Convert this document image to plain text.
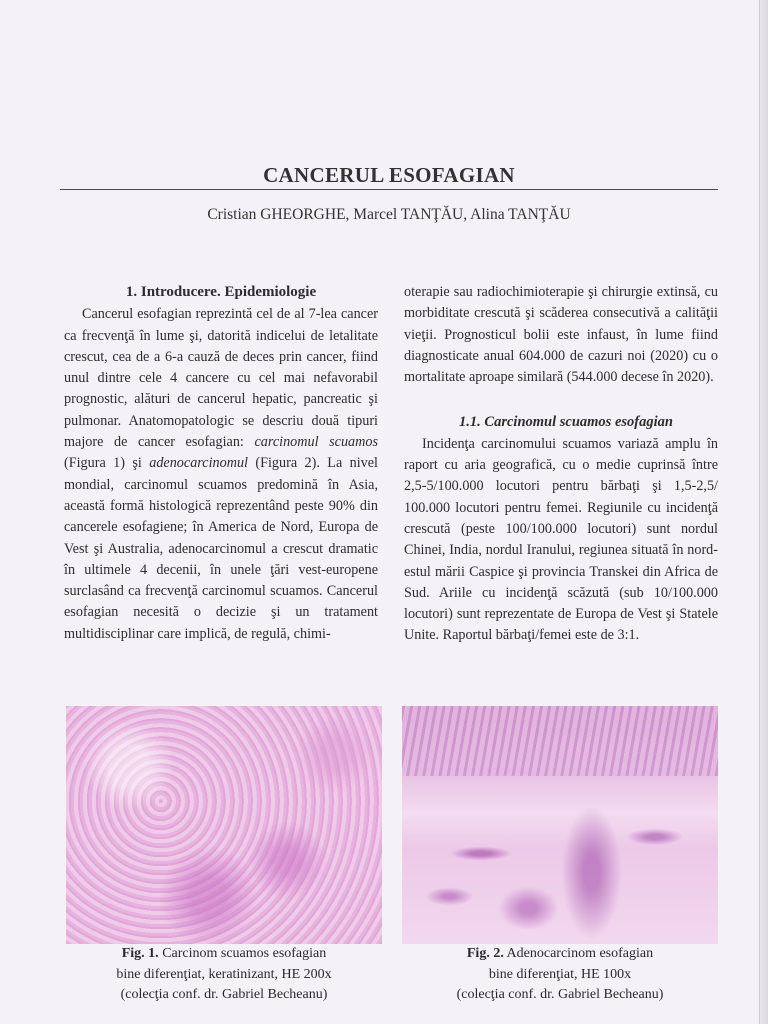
CANCERUL ESOFAGIAN
Cristian GHEORGHE, Marcel TANŢĂU, Alina TANŢĂU
1. Introducere. Epidemiologie

Cancerul esofagian reprezintă cel de al 7-lea cancer ca frecvenţă în lume şi, datorită indicelui de letalitate crescut, cea de a 6-a cauză de deces prin cancer, fiind unul dintre cele 4 cancere cu cel mai nefavorabil prognostic, alături de cancerul hepatic, pancreatic şi pulmonar. Anatomopatologic se descriu două tipuri majore de cancer esofagian: carcinomul scuamos (Figura 1) şi adenocarcinomul (Figura 2). La nivel mondial, carcinomul scuamos predomină în Asia, această formă histologică reprezentând peste 90% din cancerele esofagiene; în America de Nord, Europa de Vest şi Australia, adenocarcinomul a crescut dramatic în ultimele 4 decenii, în unele ţări vest-europene surclasând ca frecvenţă carcinomul scuamos. Cancerul esofagian necesită o decizie şi un tratament multidisciplinar care implică, de regulă, chimi-

oterapie sau radiochimioterapie şi chirurgie extinsă, cu morbiditate crescută şi scăderea consecutivă a calităţii vieţii. Prognosticul bolii este infaust, în lume fiind diagnosticate anual 604.000 de cazuri noi (2020) cu o mortalitate aproape similară (544.000 decese în 2020).

1.1. Carcinomul scuamos esofagian

Incidenţa carcinomului scuamos variază amplu în raport cu aria geografică, cu o medie cuprinsă între 2,5-5/100.000 locutori pentru bărbaţi şi 1,5-2,5/ 100.000 locutori pentru femei. Regiunile cu incidenţă crescută (peste 100/100.000 locutori) sunt nordul Chinei, India, nordul Iranului, regiunea situată în nord-estul mării Caspice şi provincia Transkei din Africa de Sud. Ariile cu incidenţă scăzută (sub 10/100.000 locutori) sunt reprezentate de Europa de Vest şi Statele Unite. Raportul bărbaţi/femei este de 3:1.

Fig. 1. Carcinom scuamos esofagian
bine diferenţiat, keratinizant, HE 200x
(colecţia conf. dr. Gabriel Becheanu)
Fig. 2. Adenocarcinom esofagian
bine diferenţiat, HE 100x
(colecţia conf. dr. Gabriel Becheanu)
